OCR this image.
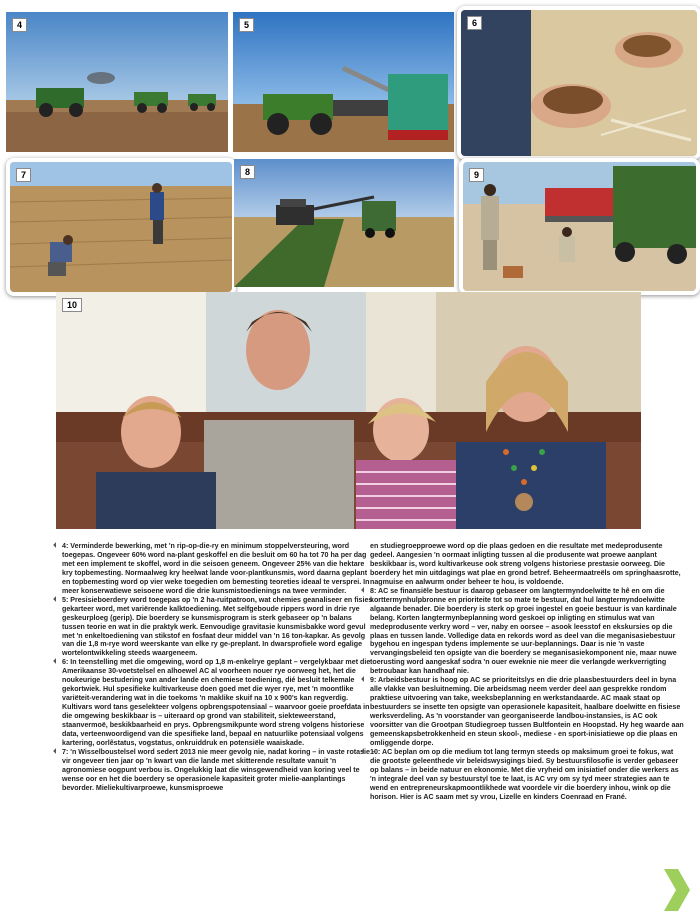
4	5	6
7	8	9
10

4: Verminderde bewerking, met 'n rip-op-die-ry en minimum stoppelversteuring, word toegepas. Ongeveer 60% word na-plant geskoffel en die besluit om 60 ha tot 70 ha per dag met een implement te skoffel, word in die seisoen geneem. Ongeveer 25% van die hektare kry topbemesting. Normaalweg kry heelwat lande voor-plantkunsmis, word daarna geplant en topbemesting word op vier weke toegedien om bemesting teoreties ideaal te versprei. In meer konserwatiewe seisoene word die drie kunsmistoedienings na twee verminder.

5: Presisieboerdery word toegepas op 'n 2 ha-ruitpatroon, wat chemies geanaliseer en fisies gekarteer word, met variërende kalktoediening. Met selfgeboude rippers word in drie rye geskeurploeg (gerip). Die boerdery se kunsmisprogram is sterk gebaseer op 'n balans tussen teorie en wat in die praktyk werk. Eenvoudige gravitasie kunsmisbakke word gevul met 'n enkeltoediening van stikstof en fosfaat deur middel van 'n 16 ton-kapkar. As gevolg van die 1,8 m-rye word weerskante van elke ry ge-preplant. In dwarsprofiele word egalige wortelontwikkeling steeds waargeneem.

6: In teenstelling met die omgewing, word op 1,8 m-enkelrye geplant – vergelykbaar met die Amerikaanse 30-voetstelsel en alhoewel AC al voorheen nouer rye oorweeg het, het die noukeurige bestudering van ander lande en chemiese toediening, dié besluit telkemale gekortwiek. Hul spesifieke kultivarkeuse doen goed met die wyer rye, met 'n moontlike variëteit-verandering wat in die toekoms 'n maklike skuif na 10 x 900's kan regverdig. Kultivars word tans geselekteer volgens opbrengspotensiaal – waarvoor goeie proefdata in die omgewing beskikbaar is – uiteraard op grond van stabiliteit, siekteweerstand, staanvermoë, beskikbaarheid en prys. Opbrengsmikpunte word streng volgens historiese data, verteenwoordigend van die spesifieke land, bepaal en natuurlike potensiaal volgens kartering, oorlêstatus, vogstatus, onkruiddruk en potensiële waaiskade.

7: 'n Wisselboustelsel word sedert 2013 nie meer gevolg nie, nadat koring – in vaste rotasie – vir ongeveer tien jaar op 'n kwart van die lande met skitterende resultate vanuit 'n agronomiese oogpunt verbou is. Ongelukkig laat die winsgewendheid van koring veel te wense oor en het die boerdery se operasionele kapasiteit groter mielie-aanplantings bevorder. Mieliekultivarproewe, kunsmisproewe

en studiegroepproewe word op die plaas gedoen en die resultate met medeprodusente gedeel. Aangesien 'n oormaat inligting tussen al die produsente wat proewe aanplant beskikbaar is, word kultivarkeuse ook streng volgens historiese prestasie oorweeg. Die boerdery het min uitdagings wat plae en grond betref. Beheermaatreëls om springhaasrotte, nagmuise en aalwurm onder beheer te hou, is voldoende.

8: AC se finansiële bestuur is daarop gebaseer om langtermyndoelwitte te hê en om die korttermynhulpbronne en prioriteite tot so mate te bestuur, dat hul langtermyndoelwitte algaande benader. Die boerdery is sterk op groei ingestel en goeie bestuur is van kardinale belang. Korten langtermynbeplanning word geskoei op inligting en stimulus wat van medeprodusente verkry word – ver, naby en oorsee – asook leesstof en ekskursies op die plaas en tussen lande. Volledige data en rekords word as deel van die meganisasiebestuur bygehou en ingespan tydens implemente se uur-beplannings. Daar is nie 'n vaste vervangingsbeleid ten opsigte van die boerdery se meganisasiekomponent nie, maar nuwe toerusting word aangeskaf sodra 'n ouer eweknie nie meer die verlangde werkverrigting betroubaar kan handhaaf nie.

9: Arbeidsbestuur is hoog op AC se prioriteitslys en die drie plaasbestuurders deel in byna alle vlakke van besluitneming. Die arbeidsmag neem verder deel aan gesprekke rondom praktiese uitvoering van take, weeksbeplanning en werkstandaarde. AC maak staat op bestuurders se insette ten opsigte van operasionele kapasiteit, haalbare doelwitte en fisiese werksverdeling. As 'n voorstander van georganiseerde landbou-instansies, is AC ook voorsitter van die Grootpan Studiegroep tussen Bultfontein en Hoopstad. Hy heg waarde aan gemeenskapsbetrokkenheid en steun skool-, mediese - en sport-inisiatiewe op die plaas en omliggende dorpe.

10: AC beplan om op die medium tot lang termyn steeds op maksimum groei te fokus, wat die grootste geleenthede vir beleidswysigings bied. Sy bestuursfilosofie is verder gebaseer op balans – in beide natuur en ekonomie. Met die vryheid om inisiatief onder die werkers as 'n integrale deel van sy bestuurstyl toe te laat, is AC vry om sy tyd meer strategies aan te wend en entrepreneurskapmoontlikhede wat voordele vir die boerdery inhou, wink op die horison. Hier is AC saam met sy vrou, Lizelle en kinders Coenraad en Frané.
